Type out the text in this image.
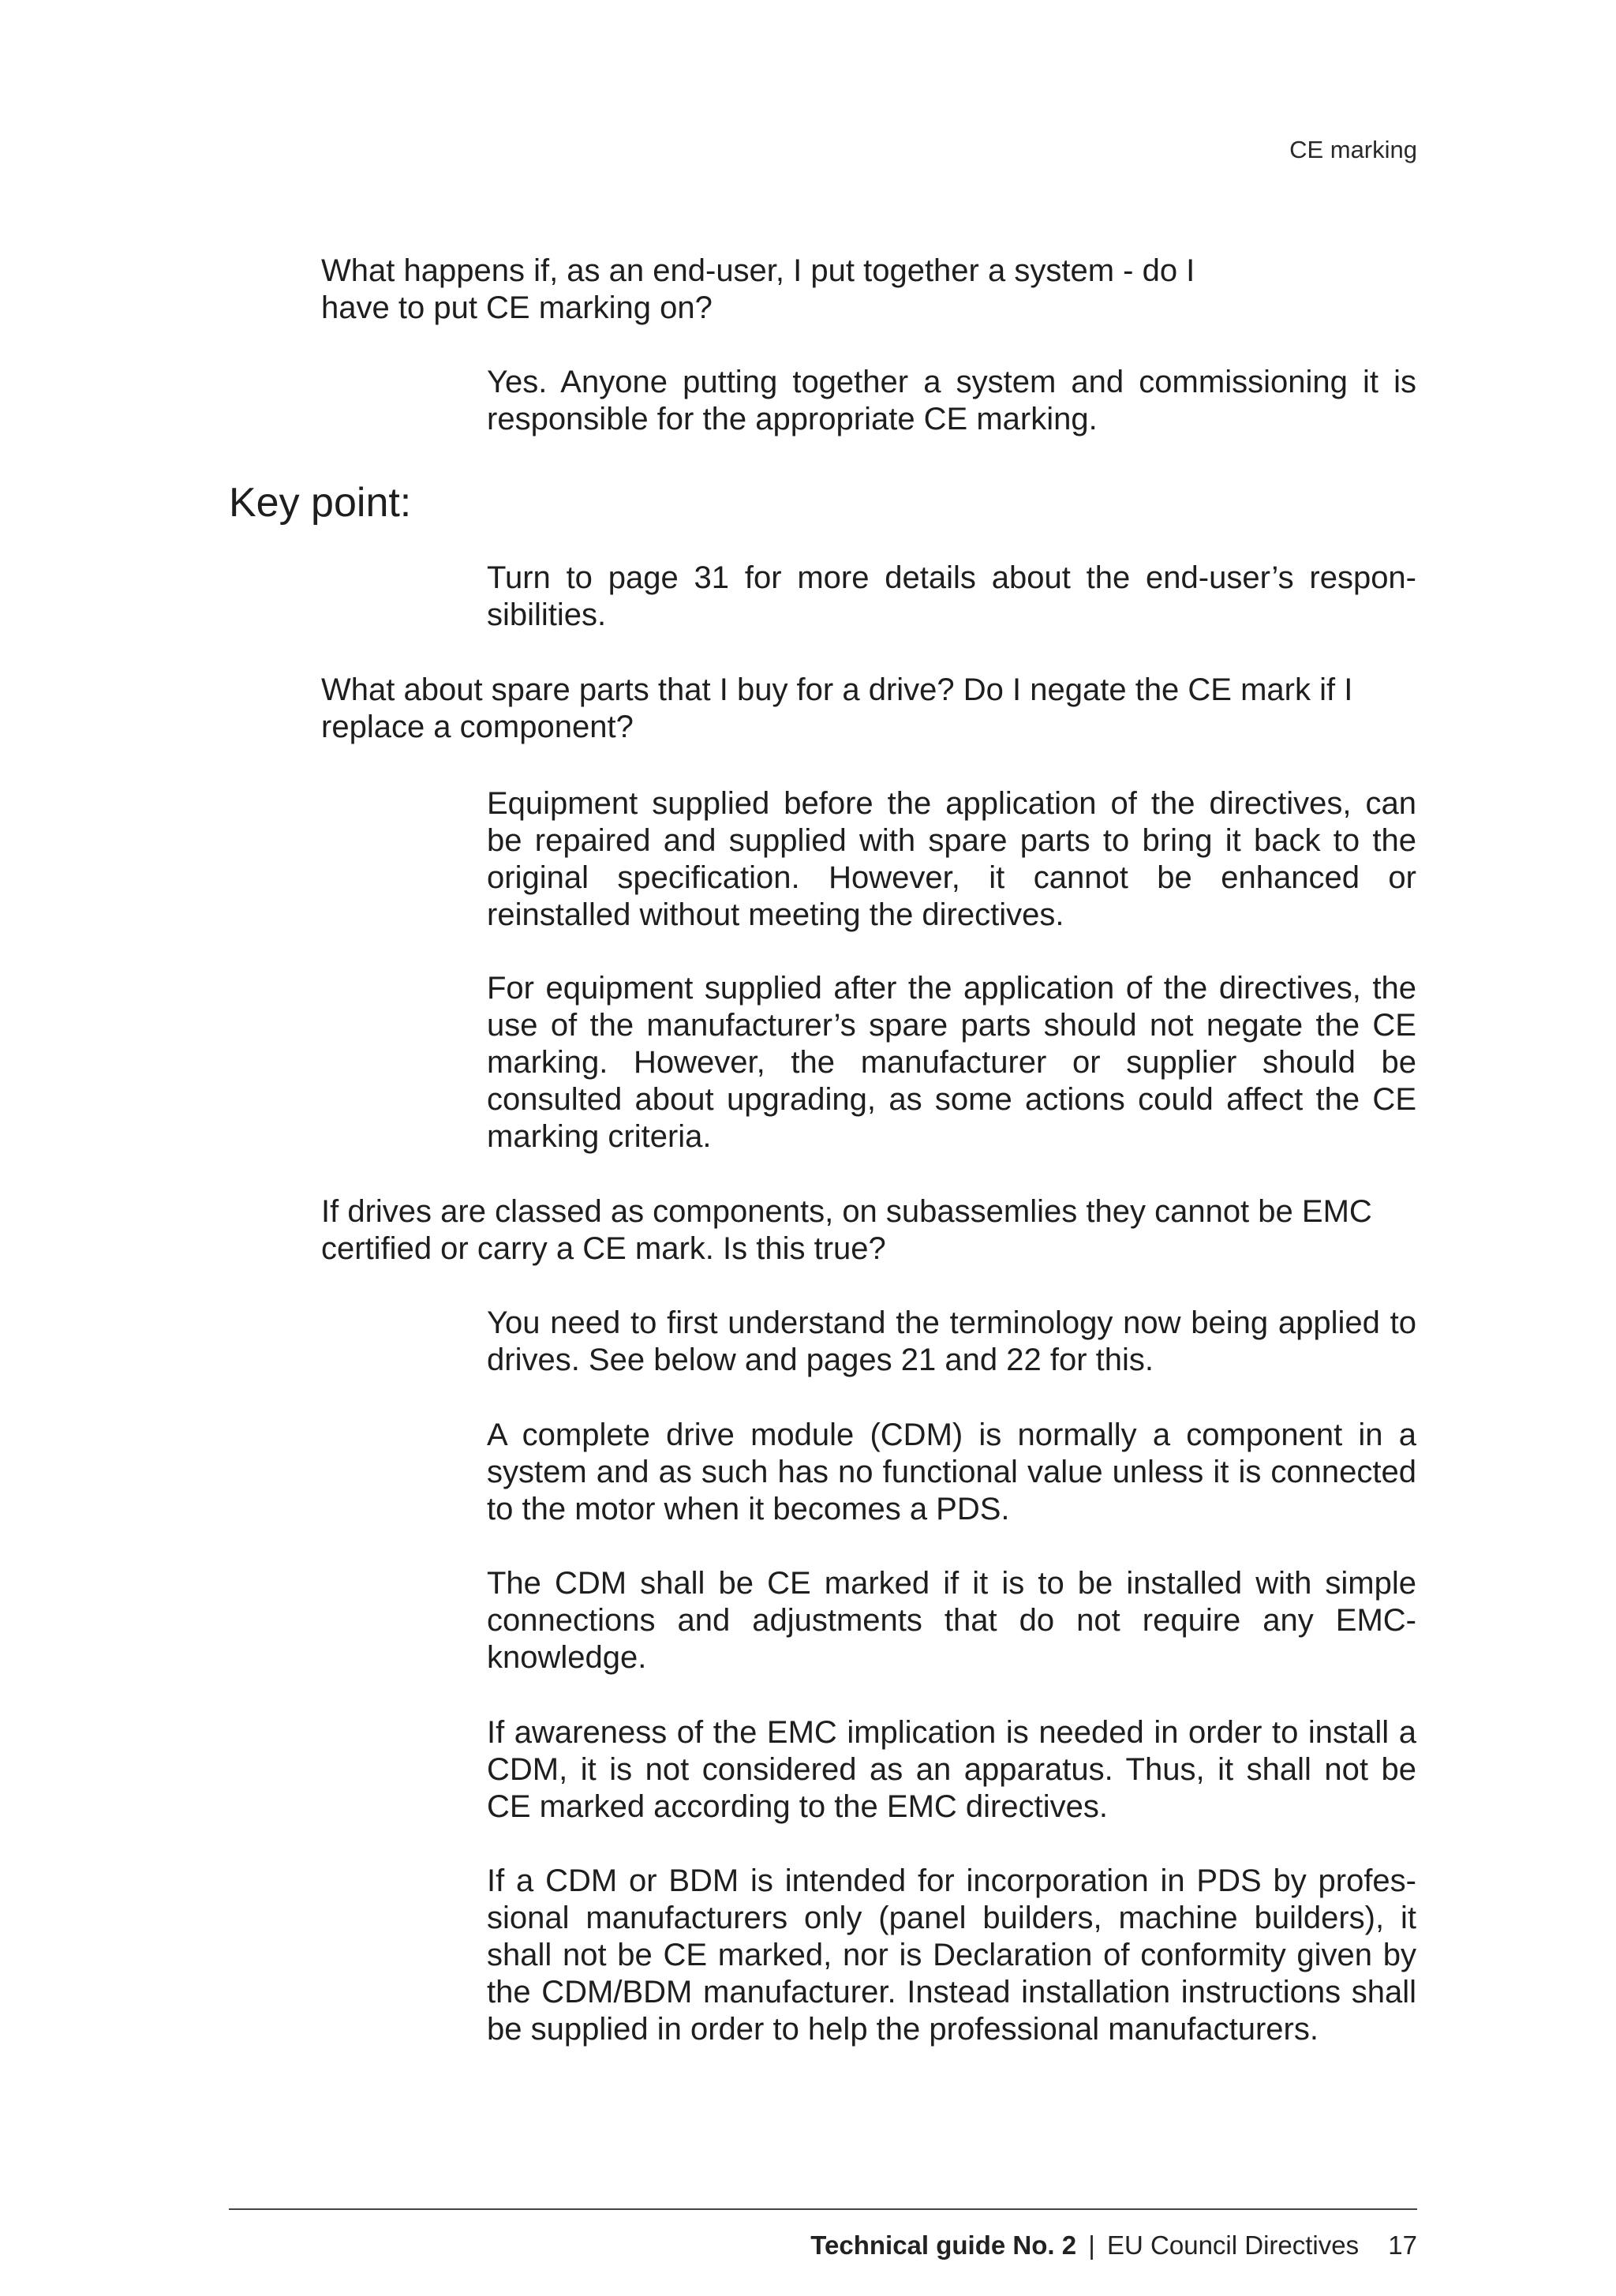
CE marking
What happens if, as an end-user, I put together a system - do I have to put CE marking on?
Yes. Anyone putting together a system and commissioning it is responsible for the appropriate CE marking.
Key point:
Turn to page 31 for more details about the end-user’s respon-sibilities.
What about spare parts that I buy for a drive? Do I negate the CE mark if I replace a component?
Equipment supplied before the application of the directives, can be repaired and supplied with spare parts to bring it back to the original specification. However, it cannot be enhanced or reinstalled without meeting the directives.
For equipment supplied after the application of the directives, the use of the manufacturer’s spare parts should not negate the CE marking. However, the manufacturer or supplier should be consulted about upgrading, as some actions could affect the CE marking criteria.
If drives are classed as components, on subassemlies they cannot be EMC certified or carry a CE mark. Is this true?
You need to first understand the terminology now being applied to drives. See below and pages 21 and 22 for this.
A complete drive module (CDM) is normally a component in a system and as such has no functional value unless it is connected to the motor when it becomes a PDS.
The CDM shall be CE marked if it is to be installed with simple connections and adjustments that do not require any EMC-knowledge.
If awareness of the EMC implication is needed in order to install a CDM, it is not considered as an apparatus. Thus, it shall not be CE marked according to the EMC directives.
If a CDM or BDM is intended for incorporation in PDS by profes-sional manufacturers only (panel builders, machine builders), it shall not be CE marked, nor is Declaration of conformity given by the CDM/BDM manufacturer. Instead installation instructions shall be supplied in order to help the professional manufacturers.
Technical guide No. 2 | EU Council Directives 17
